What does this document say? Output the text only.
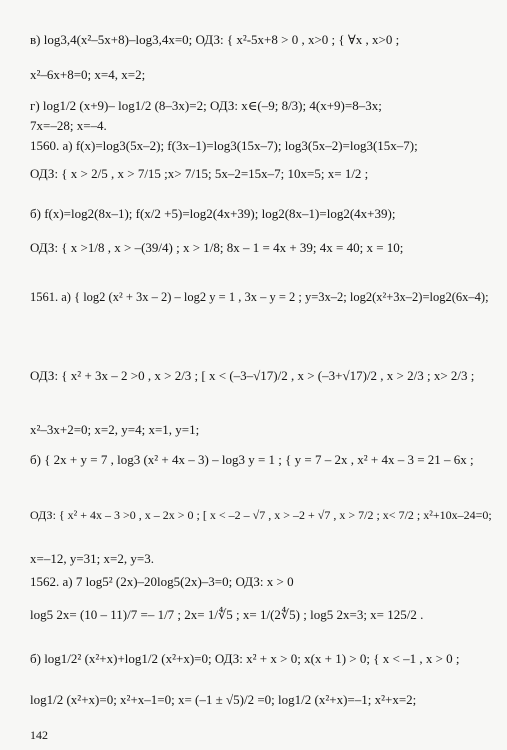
в) log3,4(x²–5x+8)–log3,4x=0; ОДЗ: { x²-5x+8 > 0 , x>0 ; { ∀x , x>0 ;
x²–6x+8=0; x=4, x=2;
г) log1/2 (x+9)– log1/2 (8–3x)=2; ОДЗ: x∈(–9; 8/3); 4(x+9)=8–3x;
7x=–28; x=–4.
1560. а) f(x)=log3(5x–2); f(3x–1)=log3(15x–7); log3(5x–2)=log3(15x–7);
ОДЗ: { x > 2/5 , x > 7/15 ;x> 7/15; 5x–2=15x–7; 10x=5; x= 1/2 ;
б) f(x)=log2(8x–1); f(x/2 +5)=log2(4x+39); log2(8x–1)=log2(4x+39);
ОДЗ: { x >1/8 , x > –(39/4) ; x > 1/8; 8x – 1 = 4x + 39; 4x = 40; x = 10;
1561. а) { log2 (x² + 3x – 2) – log2 y = 1 , 3x – y = 2 ; y=3x–2; log2(x²+3x–2)=log2(6x–4);
ОДЗ: { x² + 3x – 2 >0 , x > 2/3 ; [ x < (–3–√17)/2 , x > (–3+√17)/2 , x > 2/3 ; x> 2/3 ;
x²–3x+2=0; x=2, y=4; x=1, y=1;
б) { 2x + y = 7 , log3 (x² + 4x – 3) – log3 y = 1 ; { y = 7 – 2x , x² + 4x – 3 = 21 – 6x ;
ОДЗ: { x² + 4x – 3 >0 , x – 2x > 0 ; [ x < –2 – √7 , x > –2 + √7 , x > 7/2 ; x< 7/2 ; x²+10x–24=0;
x=–12, y=31; x=2, y=3.
1562. а) 7 log5² (2x)–20log5(2x)–3=0; ОДЗ: x > 0
log5 2x= (10 – 11)/7 =– 1/7 ; 2x= 1/∜5 ; x= 1/(2∜5) ; log5 2x=3; x= 125/2 .
б) log1/2² (x²+x)+log1/2 (x²+x)=0; ОДЗ: x² + x > 0; x(x + 1) > 0; { x < –1 , x > 0 ;
log1/2 (x²+x)=0; x²+x–1=0; x= (–1 ± √5)/2 =0; log1/2 (x²+x)=–1; x²+x=2;
142
